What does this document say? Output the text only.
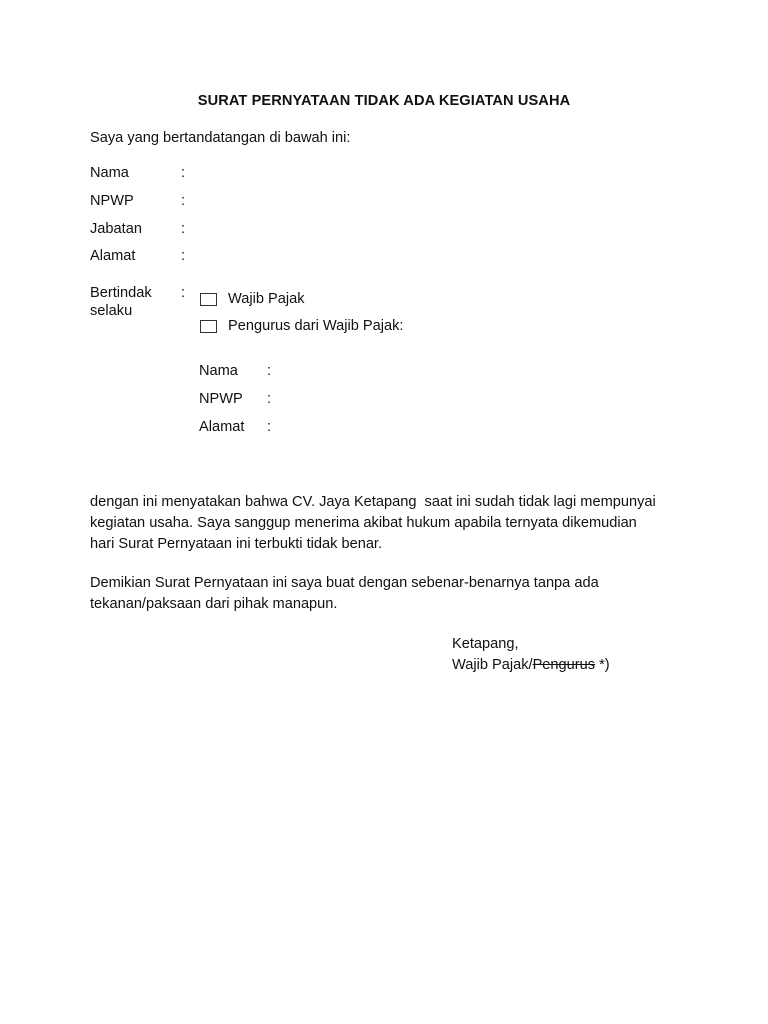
SURAT PERNYATAAN TIDAK ADA KEGIATAN USAHA
Saya yang bertandatangan di bawah ini:
Nama	:
NPWP	:
Jabatan	:
Alamat	:
Bertindak
selaku
:	Wajib Pajak
Pengurus dari Wajib Pajak:
Nama :
NPWP :
Alamat :
dengan ini menyatakan bahwa CV. Jaya Ketapang  saat ini sudah tidak lagi mempunyai
kegiatan usaha. Saya sanggup menerima akibat hukum apabila ternyata dikemudian
hari Surat Pernyataan ini terbukti tidak benar.
Demikian Surat Pernyataan ini saya buat dengan sebenar-benarnya tanpa ada
tekanan/paksaan dari pihak manapun.
Ketapang,
Wajib Pajak/Pengurus *)
